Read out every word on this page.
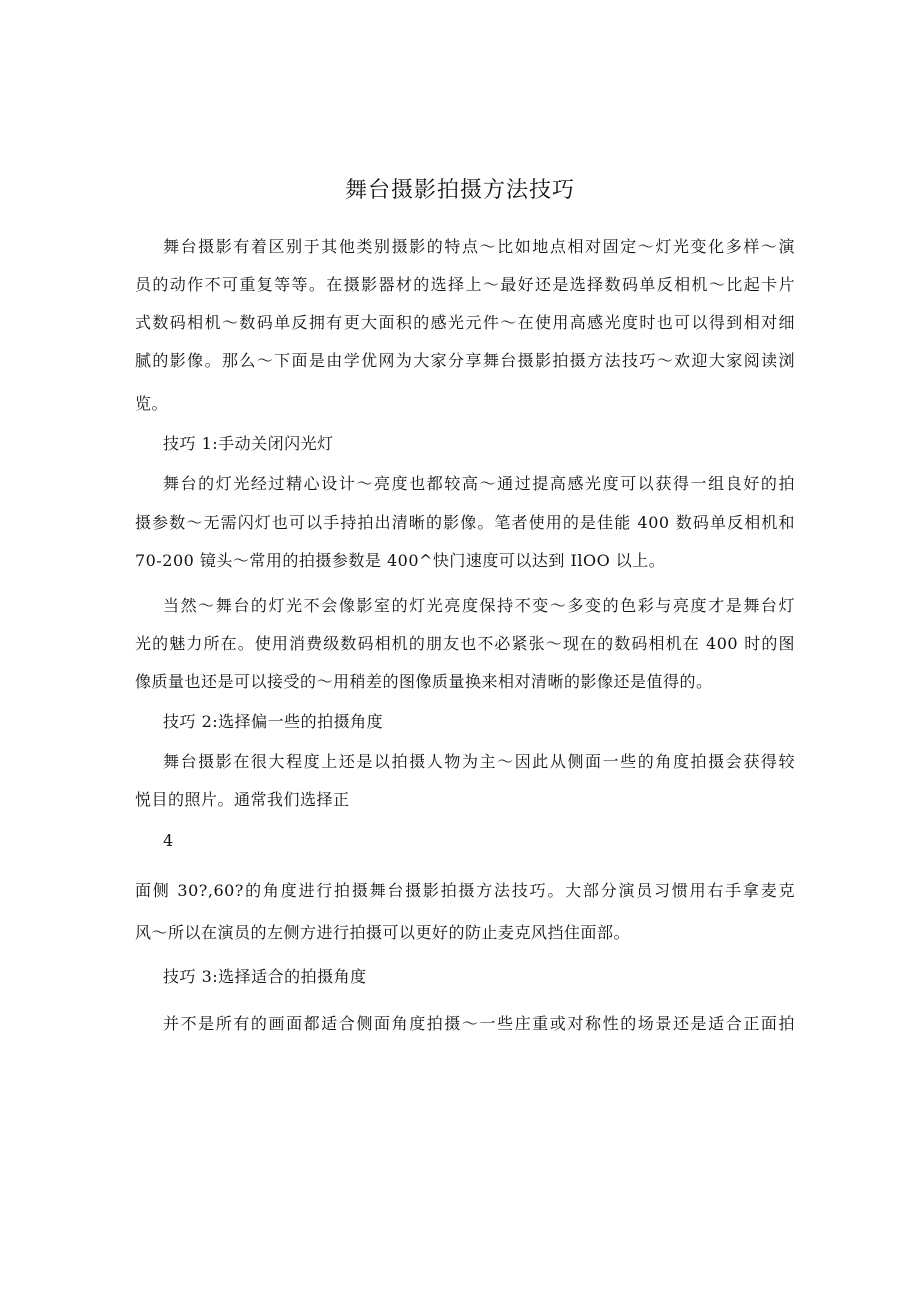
舞台摄影拍摄方法技巧
舞台摄影有着区别于其他类别摄影的特点～比如地点相对固定～灯光变化多样～演
员的动作不可重复等等。在摄影器材的选择上～最好还是选择数码单反相机～比起卡片
式数码相机～数码单反拥有更大面积的感光元件～在使用高感光度时也可以得到相对细
腻的影像。那么～下面是由学优网为大家分享舞台摄影拍摄方法技巧～欢迎大家阅读浏
览。
技巧 1:手动关闭闪光灯
舞台的灯光经过精心设计～亮度也都较高～通过提高感光度可以获得一组良好的拍
摄参数～无需闪灯也可以手持拍出清晰的影像。笔者使用的是佳能 400 数码单反相机和
70-200 镜头～常用的拍摄参数是 400^快门速度可以达到 IlOO 以上。
当然～舞台的灯光不会像影室的灯光亮度保持不变～多变的色彩与亮度才是舞台灯
光的魅力所在。使用消费级数码相机的朋友也不必紧张～现在的数码相机在 400 时的图
像质量也还是可以接受的～用稍差的图像质量换来相对清晰的影像还是值得的。
技巧 2:选择偏一些的拍摄角度
舞台摄影在很大程度上还是以拍摄人物为主～因此从侧面一些的角度拍摄会获得较
悦目的照片。通常我们选择正
4
面侧 30?,60?的角度进行拍摄舞台摄影拍摄方法技巧。大部分演员习惯用右手拿麦克
风～所以在演员的左侧方进行拍摄可以更好的防止麦克风挡住面部。
技巧 3:选择适合的拍摄角度
并不是所有的画面都适合侧面角度拍摄～一些庄重或对称性的场景还是适合正面拍
